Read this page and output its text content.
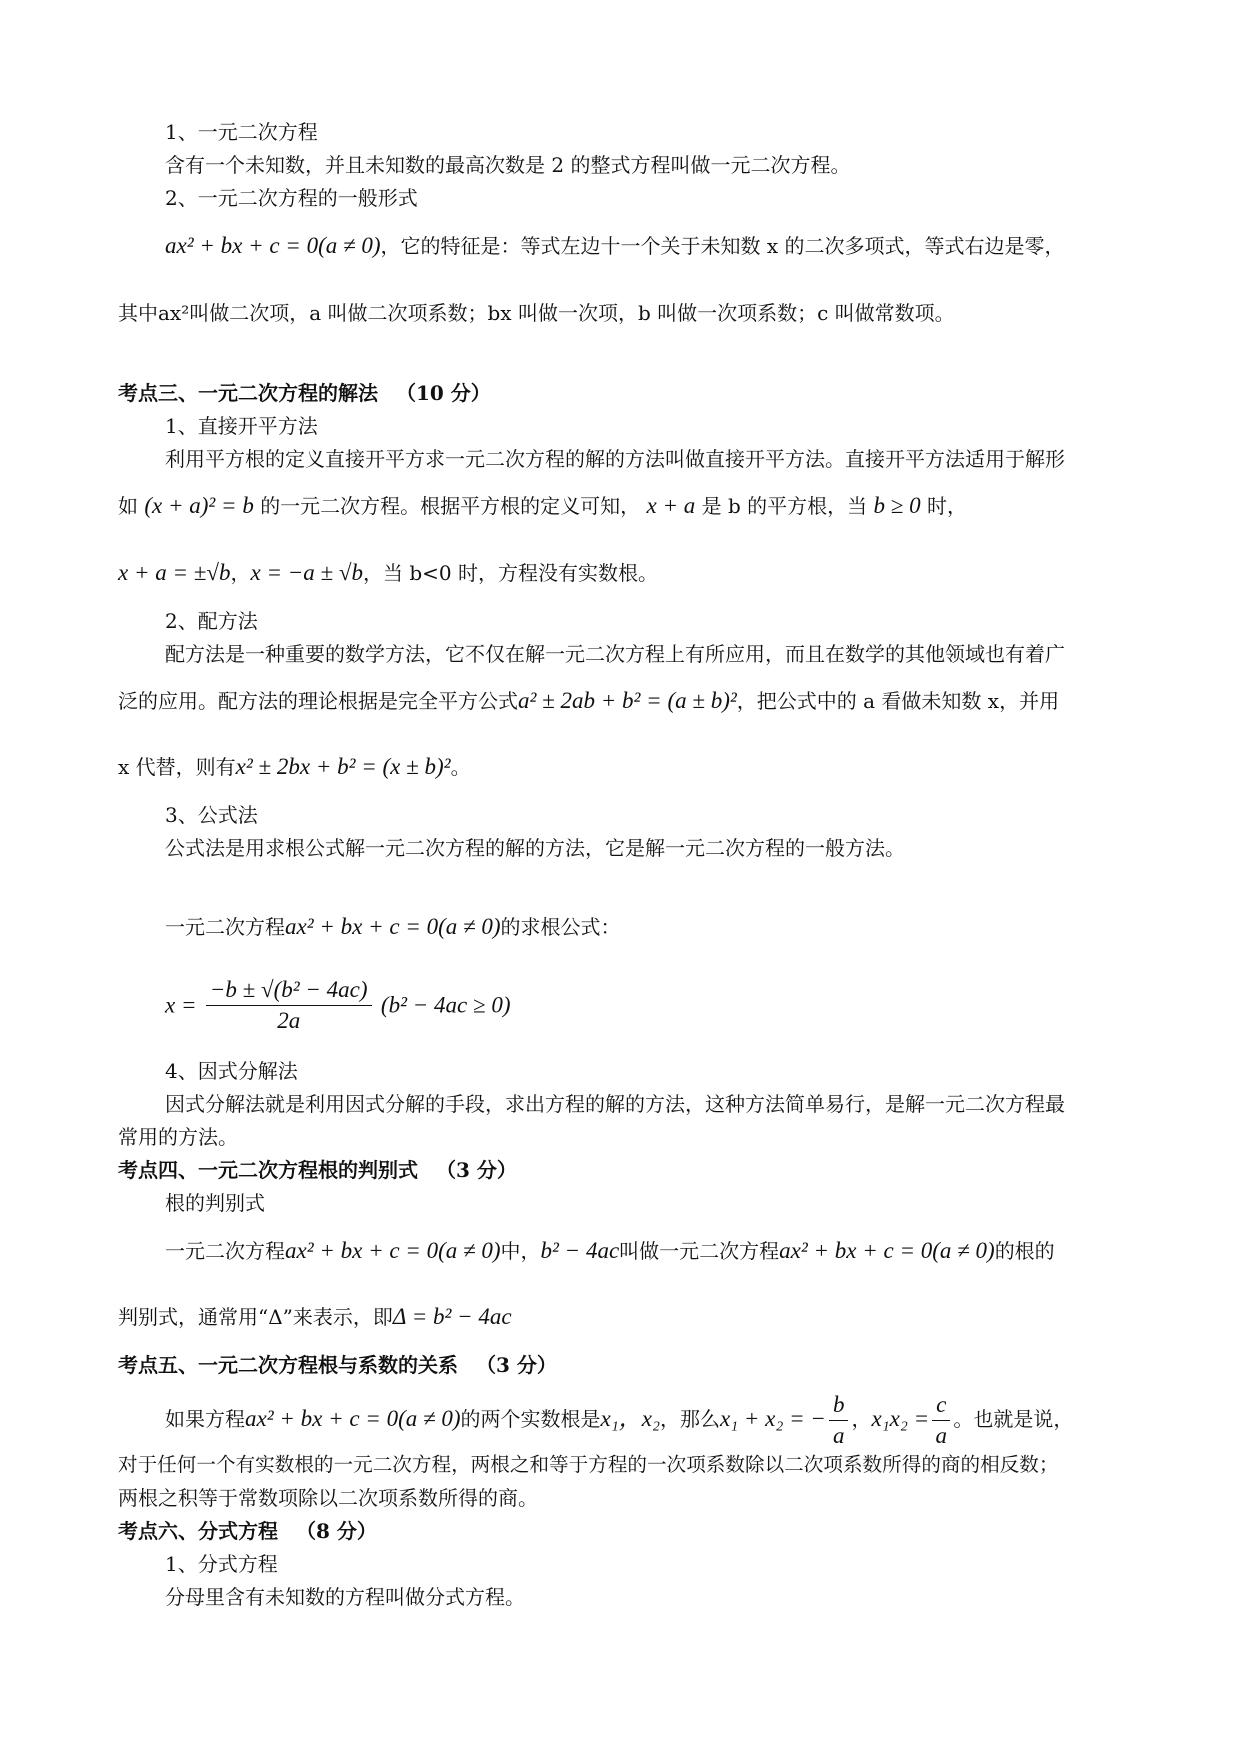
1、一元二次方程
含有一个未知数，并且未知数的最高次数是 2 的整式方程叫做一元二次方程。
2、一元二次方程的一般形式
ax² + bx + c = 0(a ≠ 0)，它的特征是：等式左边十一个关于未知数 x 的二次多项式，等式右边是零，
其中ax²叫做二次项，a 叫做二次项系数；bx 叫做一次项，b 叫做一次项系数；c 叫做常数项。
考点三、一元二次方程的解法 （10 分）
1、直接开平方法
利用平方根的定义直接开平方求一元二次方程的解的方法叫做直接开平方法。直接开平方法适用于解形
如 (x + a)² = b 的一元二次方程。根据平方根的定义可知， x + a 是 b 的平方根，当 b ≥ 0 时，
x + a = ±√b，x = −a ± √b，当 b<0 时，方程没有实数根。
2、配方法
配方法是一种重要的数学方法，它不仅在解一元二次方程上有所应用，而且在数学的其他领域也有着广
泛的应用。配方法的理论根据是完全平方公式a² ± 2ab + b² = (a ± b)²，把公式中的 a 看做未知数 x，并用
x 代替，则有x² ± 2bx + b² = (x ± b)²。
3、公式法
公式法是用求根公式解一元二次方程的解的方法，它是解一元二次方程的一般方法。
一元二次方程ax² + bx + c = 0(a ≠ 0)的求根公式：
$x = \frac{\text{−b ± √(b² − 4ac)}}{2a} (b^2 - 4ac \ge 0)$
4、因式分解法
因式分解法就是利用因式分解的手段，求出方程的解的方法，这种方法简单易行，是解一元二次方程最
常用的方法。
考点四、一元二次方程根的判别式 （3 分）
根的判别式
一元二次方程ax² + bx + c = 0(a ≠ 0)中，b² − 4ac叫做一元二次方程ax² + bx + c = 0(a ≠ 0)的根的
判别式，通常用“Δ”来表示，即Δ = b² − 4ac
考点五、一元二次方程根与系数的关系 （3 分）
如果方程ax² + bx + c = 0(a ≠ 0)的两个实数根是x₁，x₂，那么x₁ + x₂ = − $\frac{b}{a}$ ，$x_1x_2 = \frac{c}{a}$ 。也就是说，
对于任何一个有实数根的一元二次方程，两根之和等于方程的一次项系数除以二次项系数所得的商的相反数；
两根之积等于常数项除以二次项系数所得的商。
考点六、分式方程 （8 分）
1、分式方程
分母里含有未知数的方程叫做分式方程。
